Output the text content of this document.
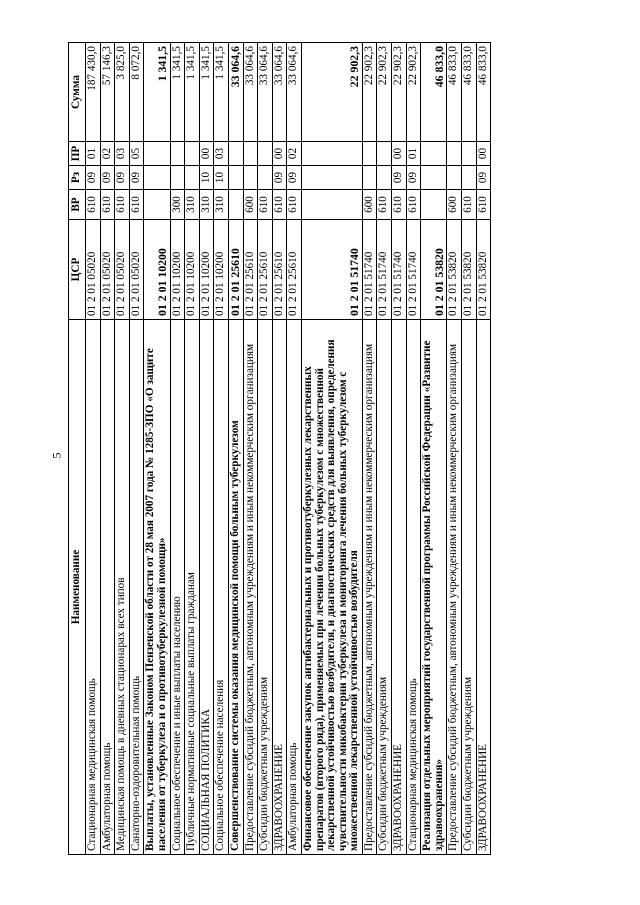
5
Наименование	ЦСР	ВР	Рз	ПР	Сумма
Стационарная медицинская помощь	01 2 01 05020	610	09	01	187 430,0
Амбулаторная помощь	01 2 01 05020	610	09	02	57 146,3
Медицинская помощь в дневных стационарах всех типов	01 2 01 05020	610	09	03	3 825,0
Санаторно-оздоровительная помощь	01 2 01 05020	610	09	05	8 072,0
Выплаты, установленные Законом Пензенской области от 28 мая 2007 года № 1285-ЗПО «О защите населения от туберкулеза и о противотуберкулезной помощи»	01 2 01 10200				1 341,5
Социальное обеспечение и иные выплаты населению	01 2 01 10200	300			1 341,5
Публичные нормативные социальные выплаты гражданам	01 2 01 10200	310			1 341,5
СОЦИАЛЬНАЯ ПОЛИТИКА	01 2 01 10200	310	10	00	1 341,5
Социальное обеспечение населения	01 2 01 10200	310	10	03	1 341,5
Совершенствование системы оказания медицинской помощи больным туберкулезом	01 2 01 25610				33 064,6
Предоставление субсидий бюджетным, автономным учреждениям и иным некоммерческим организациям	01 2 01 25610	600			33 064,6
Субсидии бюджетным учреждениям	01 2 01 25610	610			33 064,6
ЗДРАВООХРАНЕНИЕ	01 2 01 25610	610	09	00	33 064,6
Амбулаторная помощь	01 2 01 25610	610	09	02	33 064,6
Финансовое обеспечение закупок антибактериальных и противотуберкулезных лекарственных препаратов (второго ряда), применяемых при лечении больных туберкулезом с множественной лекарственной устойчивостью возбудителя, и диагностических средств для выявления, определения чувствительности микобактерии туберкулеза и мониторинга лечения больных туберкулезом с множественной лекарственной устойчивостью возбудителя	01 2 01 51740				22 902,3
Предоставление субсидий бюджетным, автономным учреждениям и иным некоммерческим организациям	01 2 01 51740	600			22 902,3
Субсидии бюджетным учреждениям	01 2 01 51740	610			22 902,3
ЗДРАВООХРАНЕНИЕ	01 2 01 51740	610	09	00	22 902,3
Стационарная медицинская помощь	01 2 01 51740	610	09	01	22 902,3
Реализация отдельных мероприятий государственной программы Российской Федерации «Развитие здравоохранения»	01 2 01 53820				46 833,0
Предоставление субсидий бюджетным, автономным учреждениям и иным некоммерческим организациям	01 2 01 53820	600			46 833,0
Субсидии бюджетным учреждениям	01 2 01 53820	610			46 833,0
ЗДРАВООХРАНЕНИЕ	01 2 01 53820	610	09	00	46 833,0
